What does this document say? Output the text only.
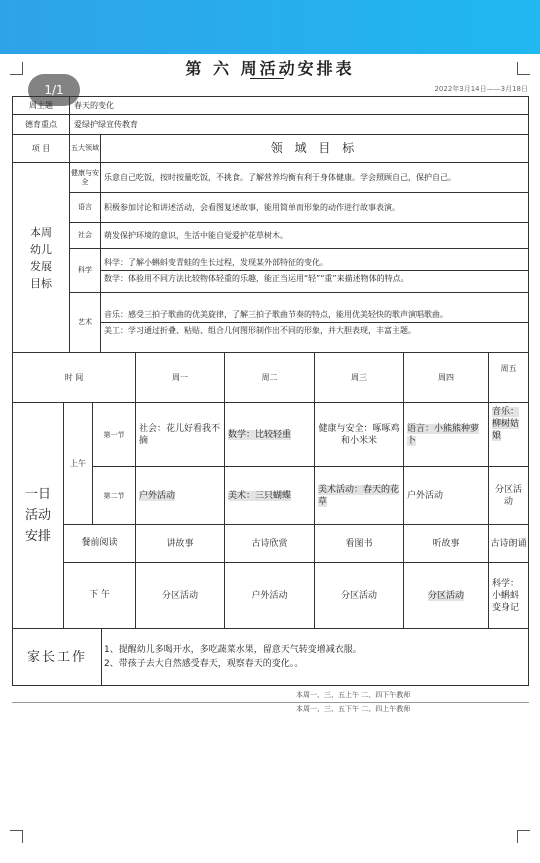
第 六 周活动安排表
2022年3月14日——3月18日
1/1
周主题	春天的变化
德育重点	爱绿护绿宣传教育
项 目	五大领域	领 域 目 标
本周幼儿发展目标	健康与安全	乐意自己吃饭，按时按量吃饭，不挑食。了解营养均衡有利于身体健康。学会照顾自己，保护自己。
	语言	积极参加讨论和讲述活动，会看图复述故事，能用简单而形象的动作进行故事表演。
	社会	萌发保护环境的意识，生活中能自觉爱护花草树木。
	科学	科学：了解小蝌蚪变青蛙的生长过程，发现某外部特征的变化。
数学：体验用不同方法比较物体轻重的乐趣，能正当运用“轻”“重”来描述物体的特点。

	艺术	音乐：感受三拍子歌曲的优美旋律，了解三拍子歌曲节奏的特点，能用优美轻快的歌声演唱歌曲。
美工：学习通过折叠、粘贴、组合几何图形制作出不同的形象，并大胆表现，丰富主题。
时 间			周一	周二	周三	周四	周五
一日活动安排	上午	第一节	社会：花儿好看我不摘	数学：比较轻重	健康与安全：啄啄鸡和小米米	语言：小熊熊种萝卜	音乐：柳树姑娘
		第二节	户外活动	美术：三只蝴蝶	美术活动：春天的花草	户外活动	分区活动
	餐前阅读		讲故事	古诗欣赏	看图书	听故事	古诗朗诵
	下 午		分区活动	户外活动	分区活动	分区活动	科学：小蝌蚪变身记
家长工作	1、提醒幼儿多喝开水，多吃蔬菜水果，留意天气转变增减衣服。
2、带孩子去大自然感受春天，观察春天的变化。。
本周一、三、五上午 二、四下午教师
本周一、三、五下午 二、四上午教师
